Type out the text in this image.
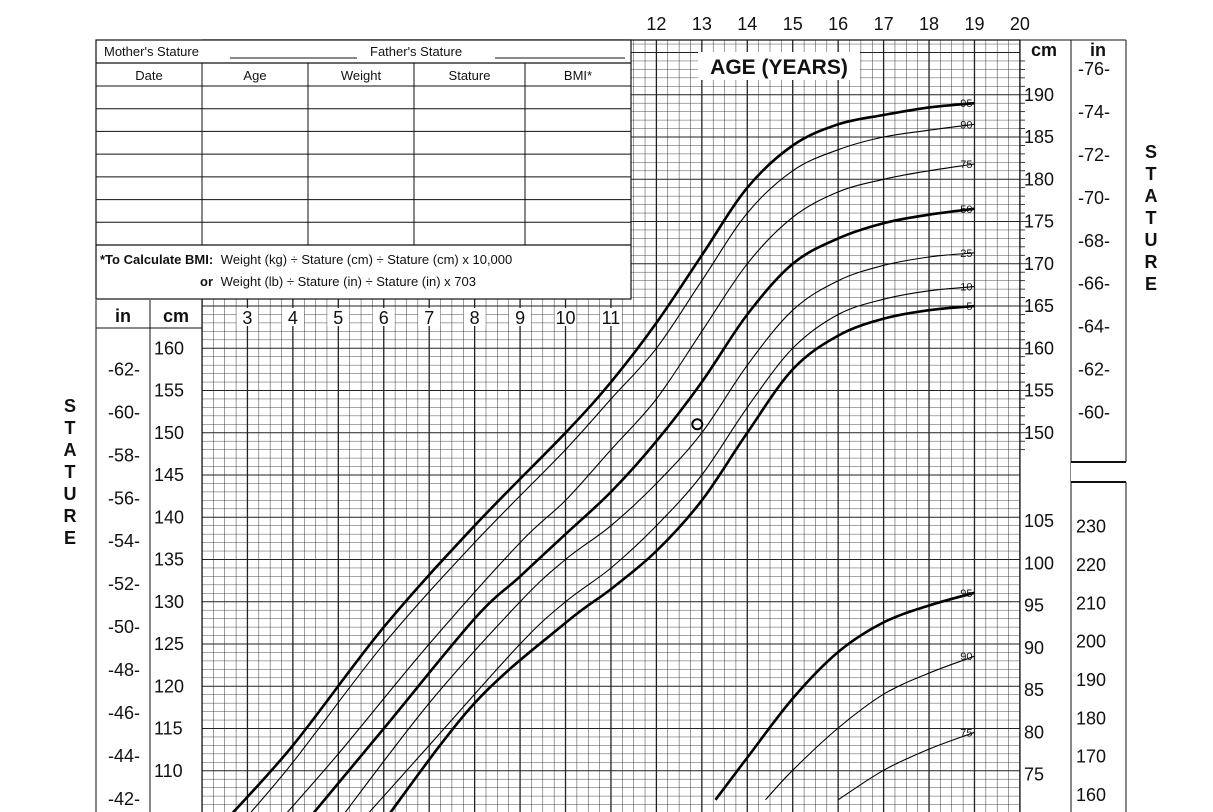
12 13 14 15 16 17 18 19 20
3 4 5 6 7 8 9 10 11
in cm
cm in
160
155
150
145
140
135
130
125
120
115
110
-62-
-60-
-58-
-56-
-54-
-52-
-50-
-48-
-46-
-44-
-42-
190
185
180
175
170
165
160
155
150
-76-
-74-
-72-
-70-
-68-
-66-
-64-
-62-
-60-
105
100
95
90
85
80
75
230
220
210
200
190
180
170
160
Mother's Stature	Father's Stature
Date	Age	Weight	Stature	BMI*
*To Calculate BMI: Weight (kg) ÷ Stature (cm) ÷ Stature (cm) x 10,000
or Weight (lb) ÷ Stature (in) ÷ Stature (in) x 703
AGE (YEARS)
S T A T U R E
S T A T U R E
95
90
75
50
25
10
5
95
90
75
